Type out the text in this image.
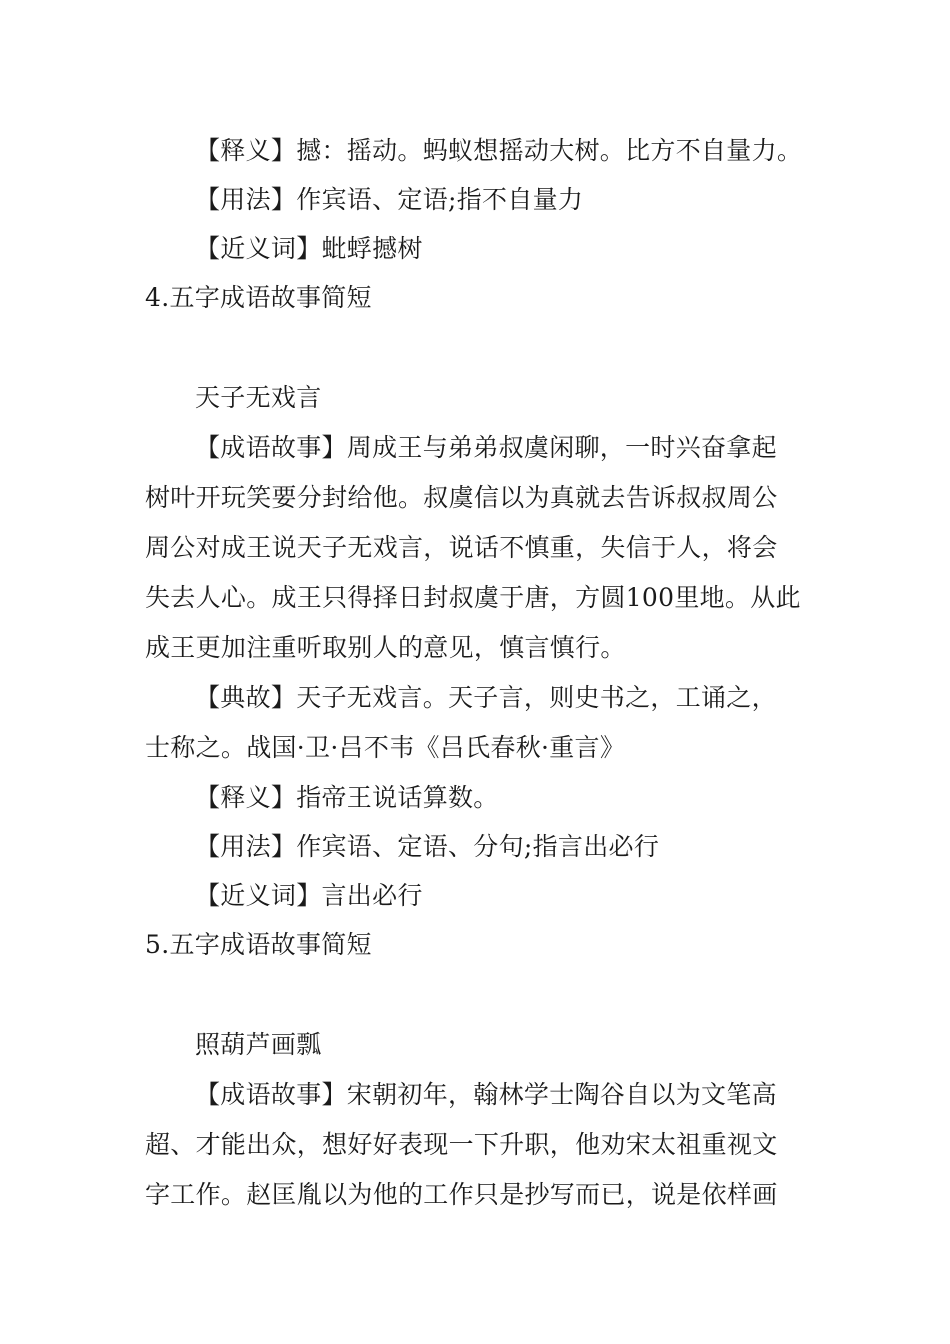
【释义】撼：摇动。蚂蚁想摇动大树。比方不自量力。
【用法】作宾语、定语;指不自量力
【近义词】蚍蜉撼树
4.五字成语故事简短
天子无戏言
【成语故事】周成王与弟弟叔虞闲聊，一时兴奋拿起
树叶开玩笑要分封给他。叔虞信以为真就去告诉叔叔周公
周公对成王说天子无戏言，说话不慎重，失信于人，将会
失去人心。成王只得择日封叔虞于唐，方圆100里地。从此
成王更加注重听取别人的意见，慎言慎行。
【典故】天子无戏言。天子言，则史书之，工诵之，
士称之。战国·卫·吕不韦《吕氏春秋·重言》
【释义】指帝王说话算数。
【用法】作宾语、定语、分句;指言出必行
【近义词】言出必行
5.五字成语故事简短
照葫芦画瓢
【成语故事】宋朝初年，翰林学士陶谷自以为文笔高
超、才能出众，想好好表现一下升职，他劝宋太祖重视文
字工作。赵匡胤以为他的工作只是抄写而已，说是依样画
